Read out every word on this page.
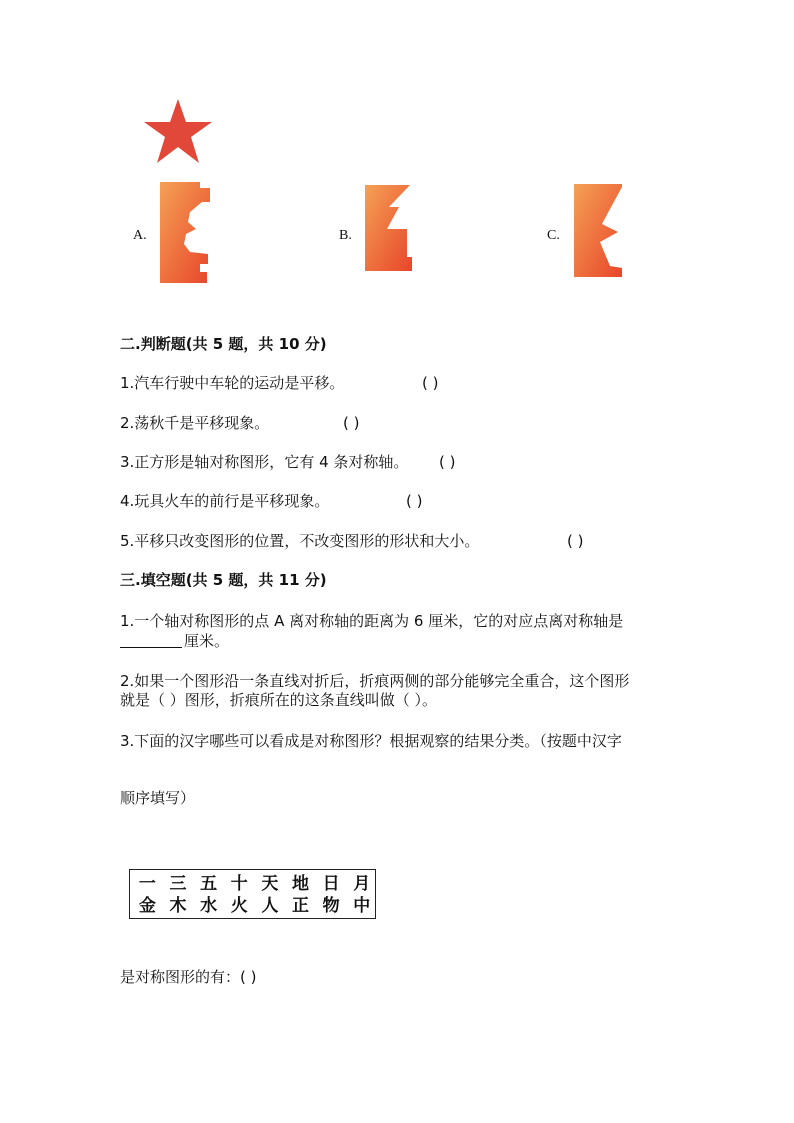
A.	B.	C.
二.判断题(共 5 题，共 10 分)
1.汽车行驶中车轮的运动是平移。	( )
2.荡秋千是平移现象。	( )
3.正方形是轴对称图形，它有 4 条对称轴。 ( )
4.玩具火车的前行是平移现象。	( )
5.平移只改变图形的位置，不改变图形的形状和大小。	( )
三.填空题(共 5 题，共 11 分)
1.一个轴对称图形的点 A 离对称轴的距离为 6 厘米，它的对应点离对称轴是
厘米。
2.如果一个图形沿一条直线对折后，折痕两侧的部分能够完全重合，这个图形
就是（ ）图形，折痕所在的这条直线叫做（ ）。
3.下面的汉字哪些可以看成是对称图形？根据观察的结果分类。（按题中汉字
顺序填写）
一 三 五 十 天 地 日 月
金 木 水 火 人 正 物 中
是对称图形的有：( )
